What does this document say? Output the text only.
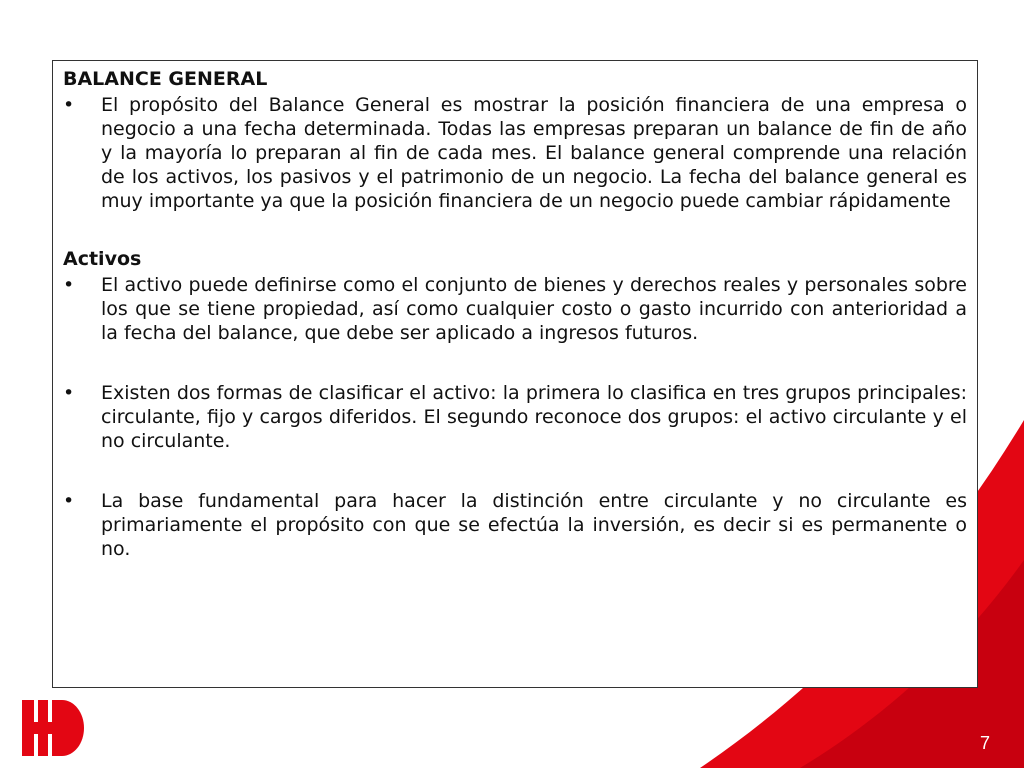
BALANCE GENERAL
•	El propósito del Balance General es mostrar la posición financiera de una empresa o negocio a una fecha determinada. Todas las empresas preparan un balance de fin de año y la mayoría lo preparan al fin de cada mes. El balance general comprende una relación de los activos, los pasivos y el patrimonio de un negocio. La fecha del balance general es muy importante ya que la posición financiera de un negocio puede cambiar rápidamente
Activos
•	El activo puede definirse como el conjunto de bienes y derechos reales y personales sobre los que se tiene propiedad, así como cualquier costo o gasto incurrido con anterioridad a la fecha del balance, que debe ser aplicado a ingresos futuros.
•	Existen dos formas de clasificar el activo: la primera lo clasifica en tres grupos principales: circulante, fijo y cargos diferidos. El segundo reconoce dos grupos: el activo circulante y el no circulante.
•	La base fundamental para hacer la distinción entre circulante y no circulante es primariamente el propósito con que se efectúa la inversión, es decir si es permanente o no.
7
